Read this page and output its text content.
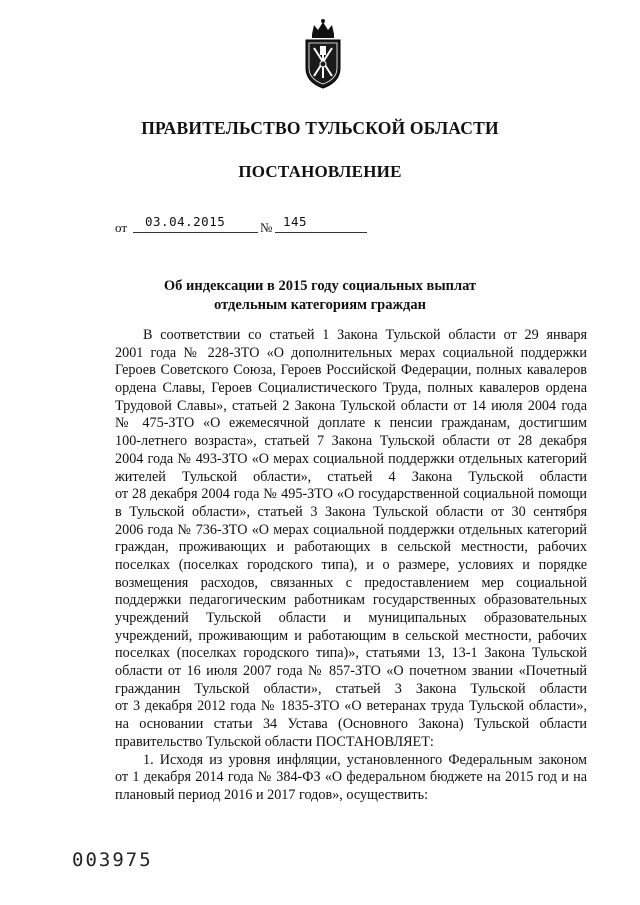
ПРАВИТЕЛЬСТВО ТУЛЬСКОЙ ОБЛАСТИ
ПОСТАНОВЛЕНИЕ
от 03.04.2015	№ 145
Об индексации в 2015 году социальных выплат
отдельным категориям граждан
В соответствии со статьей 1 Закона Тульской области от 29 января
2001 года № 228-ЗТО «О дополнительных мерах социальной поддержки
Героев Советского Союза, Героев Российской Федерации, полных кавалеров
ордена Славы, Героев Социалистического Труда, полных кавалеров ордена
Трудовой Славы», статьей 2 Закона Тульской области от 14 июля 2004 года
№ 475-ЗТО «О ежемесячной доплате к пенсии гражданам, достигшим
100-летнего возраста», статьей 7 Закона Тульской области от 28 декабря
2004 года № 493-ЗТО «О мерах социальной поддержки отдельных категорий
жителей Тульской области», статьей 4 Закона Тульской области
от 28 декабря 2004 года № 495-ЗТО «О государственной социальной помощи
в Тульской области», статьей 3 Закона Тульской области от 30 сентября
2006 года № 736-ЗТО «О мерах социальной поддержки отдельных категорий
граждан, проживающих и работающих в сельской местности, рабочих
поселках (поселках городского типа), и о размере, условиях и порядке
возмещения расходов, связанных с предоставлением мер социальной
поддержки педагогическим работникам государственных образовательных
учреждений Тульской области и муниципальных образовательных
учреждений, проживающим и работающим в сельской местности, рабочих
поселках (поселках городского типа)», статьями 13, 13-1 Закона Тульской
области от 16 июля 2007 года № 857-ЗТО «О почетном звании «Почетный
гражданин Тульской области», статьей 3 Закона Тульской области
от 3 декабря 2012 года № 1835-ЗТО «О ветеранах труда Тульской области»,
на основании статьи 34 Устава (Основного Закона) Тульской области
правительство Тульской области ПОСТАНОВЛЯЕТ:
1. Исходя из уровня инфляции, установленного Федеральным законом
от 1 декабря 2014 года № 384-ФЗ «О федеральном бюджете на 2015 год и на
плановый период 2016 и 2017 годов», осуществить:
003975
